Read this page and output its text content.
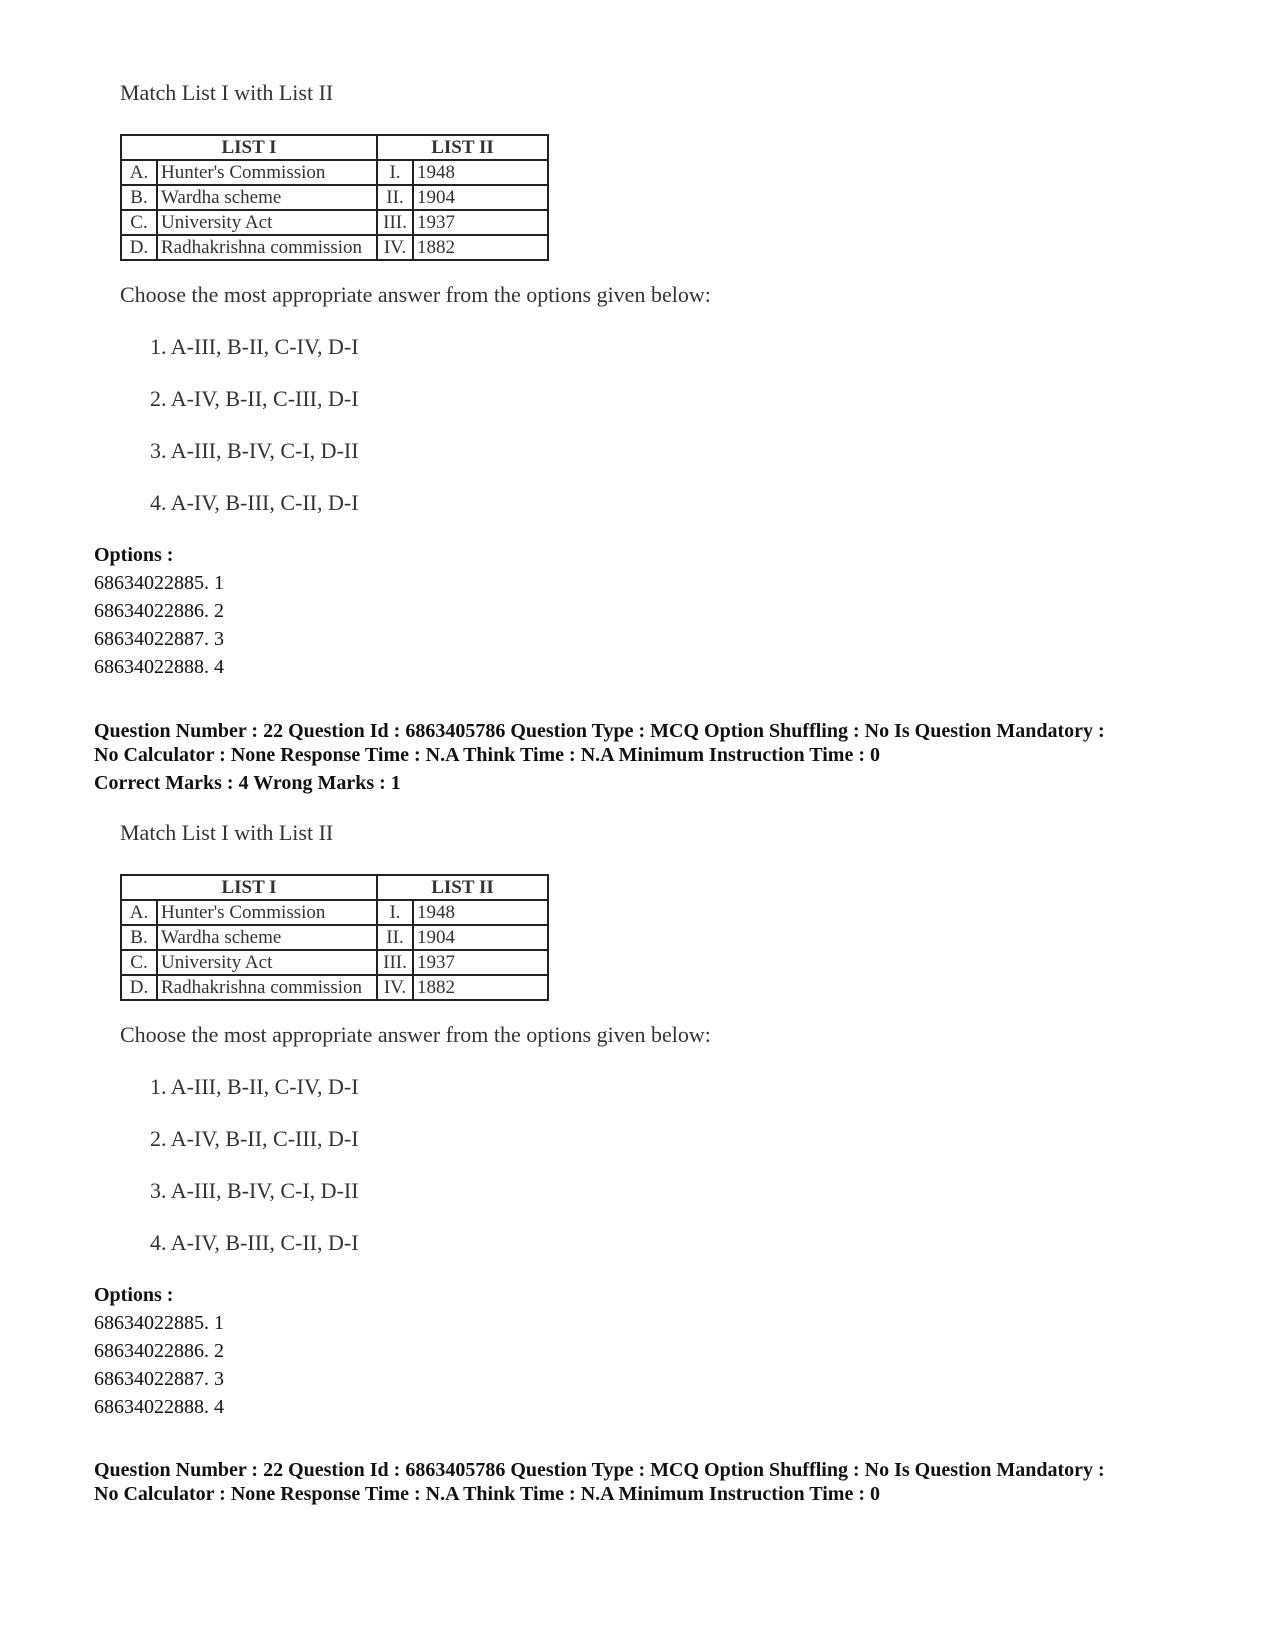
Match List I with List II
LIST I		LIST II	
A.	Hunter's Commission	I.	1948
B.	Wardha scheme	II.	1904
C.	University Act	III.	1937
D.	Radhakrishna commission	IV.	1882
Choose the most appropriate answer from the options given below:
1. A-III, B-II, C-IV, D-I
2. A-IV, B-II, C-III, D-I
3. A-III, B-IV, C-I, D-II
4. A-IV, B-III, C-II, D-I
Options :
68634022885. 1
68634022886. 2
68634022887. 3
68634022888. 4
Question Number : 22 Question Id : 6863405786 Question Type : MCQ Option Shuffling : No Is Question Mandatory :
No Calculator : None Response Time : N.A Think Time : N.A Minimum Instruction Time : 0
Correct Marks : 4 Wrong Marks : 1
Match List I with List II
LIST I		LIST II	
A.	Hunter's Commission	I.	1948
B.	Wardha scheme	II.	1904
C.	University Act	III.	1937
D.	Radhakrishna commission	IV.	1882
Choose the most appropriate answer from the options given below:
1. A-III, B-II, C-IV, D-I
2. A-IV, B-II, C-III, D-I
3. A-III, B-IV, C-I, D-II
4. A-IV, B-III, C-II, D-I
Options :
68634022885. 1
68634022886. 2
68634022887. 3
68634022888. 4
Question Number : 22 Question Id : 6863405786 Question Type : MCQ Option Shuffling : No Is Question Mandatory :
No Calculator : None Response Time : N.A Think Time : N.A Minimum Instruction Time : 0
